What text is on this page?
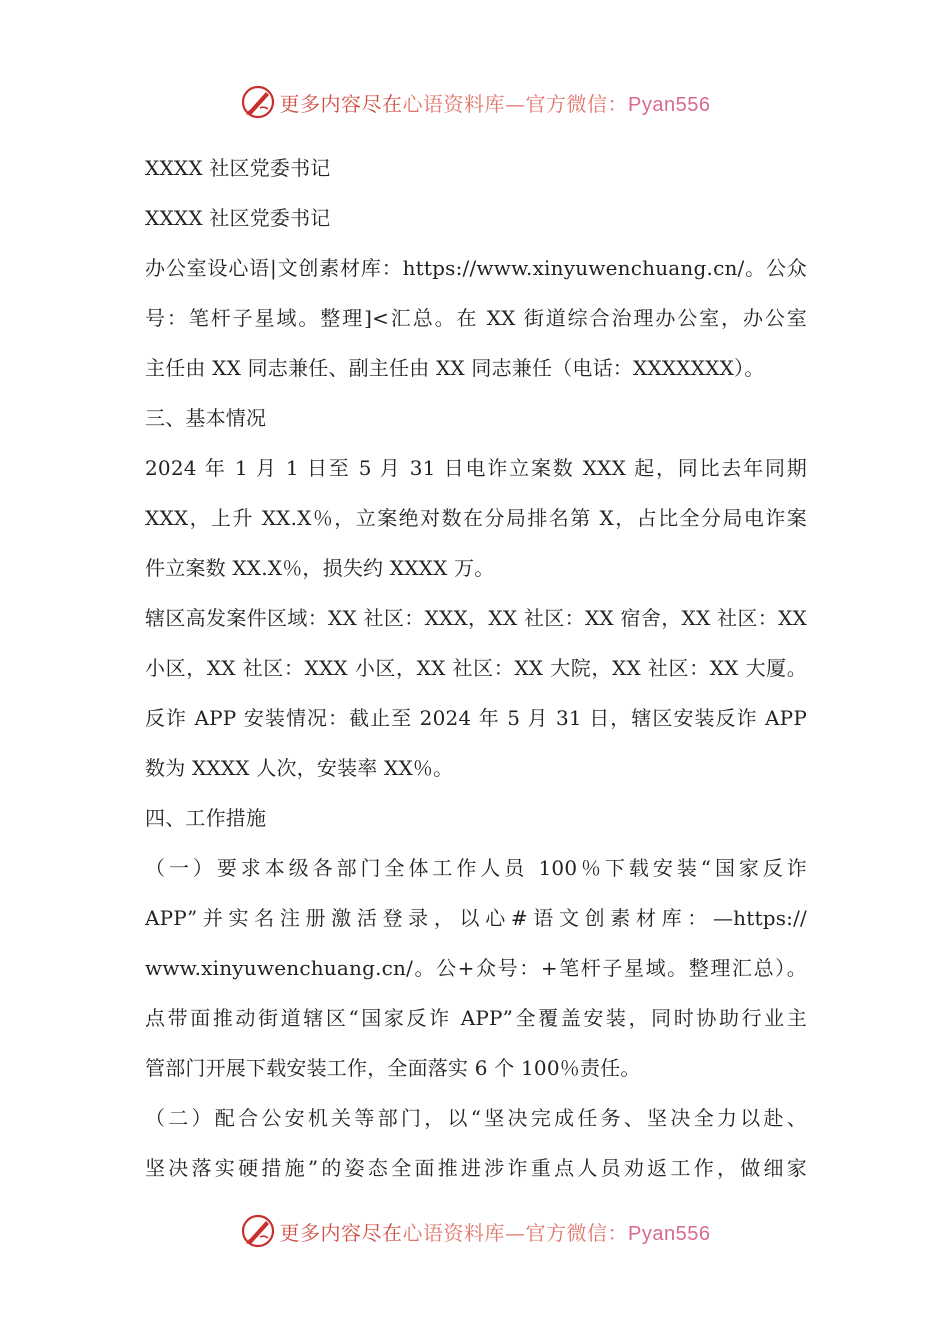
更多内容尽在心语资料库—官方微信：Pyan556
XXXX 社区党委书记
XXXX 社区党委书记
办公室设心语|文创素材库：https://www.xinyuwenchuang.cn/。公众
号：笔杆子星域。整理]<汇总。在 XX 街道综合治理办公室，办公室
主任由 XX 同志兼任、副主任由 XX 同志兼任（电话：XXXXXXX）。
三、基本情况
2024 年 1 月 1 日至 5 月 31 日电诈立案数 XXX 起，同比去年同期
XXX，上升 XX.X％，立案绝对数在分局排名第 X，占比全分局电诈案
件立案数 XX.X％，损失约 XXXX 万。
辖区高发案件区域：XX 社区：XXX，XX 社区：XX 宿舍，XX 社区：XX
小区，XX 社区：XXX 小区，XX 社区：XX 大院，XX 社区：XX 大厦。
反诈 APP 安装情况：截止至 2024 年 5 月 31 日，辖区安装反诈 APP
数为 XXXX 人次，安装率 XX％。
四、工作措施
（一）要求本级各部门全体工作人员 100％下载安装“国家反诈
APP”并实名注册激活登录，以心#语文创素材库：—https://
www.xinyuwenchuang.cn/。公+众号：+笔杆子星域。整理汇总）。
点带面推动街道辖区“国家反诈 APP”全覆盖安装，同时协助行业主
管部门开展下载安装工作，全面落实 6 个 100％责任。
（二）配合公安机关等部门，以“坚决完成任务、坚决全力以赴、
坚决落实硬措施”的姿态全面推进涉诈重点人员劝返工作，做细家
更多内容尽在心语资料库—官方微信：Pyan556
